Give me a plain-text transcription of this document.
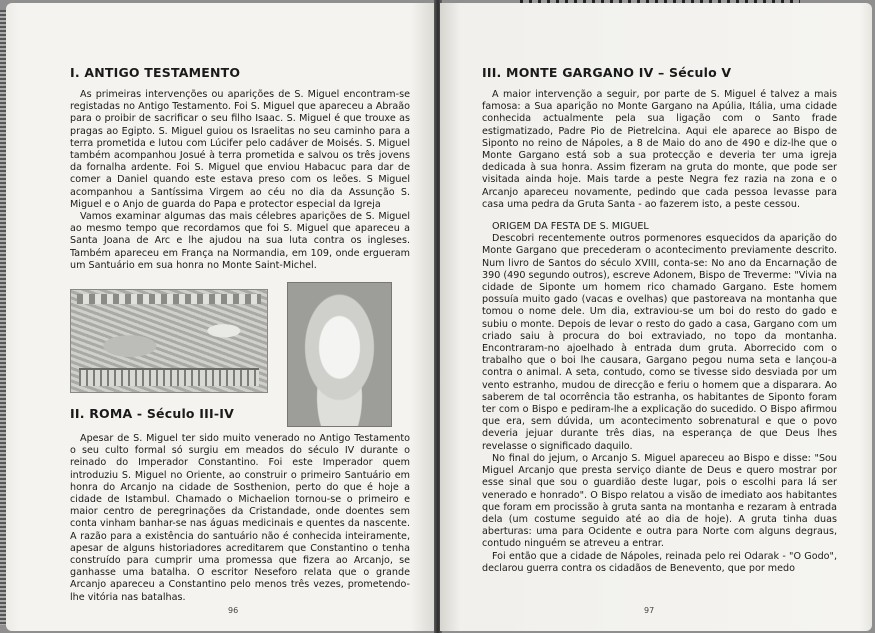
I. ANTIGO TESTAMENTO

As primeiras intervenções ou aparições de S. Miguel encontram-se registadas no Antigo Testamento. Foi S. Miguel que apareceu a Abraão para o proibir de sacrificar o seu filho Isaac. S. Miguel é que trouxe as pragas ao Egipto. S. Miguel guiou os Israelitas no seu caminho para a terra prometida e lutou com Lúcifer pelo cadáver de Moisés. S. Miguel também acompanhou Josué à terra prometida e salvou os três jovens da fornalha ardente. Foi S. Miguel que enviou Habacuc para dar de comer a Daniel quando este estava preso com os leões. S Miguel acompanhou a Santíssima Virgem ao céu no dia da Assunção S. Miguel e o Anjo de guarda do Papa e protector especial da Igreja

Vamos examinar algumas das mais célebres aparições de S. Miguel ao mesmo tempo que recordamos que foi S. Miguel que apareceu a Santa Joana de Arc e lhe ajudou na sua luta contra os ingleses. Também apareceu em França na Normandia, em 109, onde ergueram um Santuário em sua honra no Monte Saint-Michel.

II. ROMA - Século III-IV

Apesar de S. Miguel ter sido muito venerado no Antigo Testamento o seu culto formal só surgiu em meados do século IV durante o reinado do Imperador Constantino. Foi este Imperador quem introduziu S. Miguel no Oriente, ao construir o primeiro Santuário em honra do Arcanjo na cidade de Sosthenion, perto do que é hoje a cidade de Istambul. Chamado o Michaelion tornou-se o primeiro e maior centro de peregrinações da Cristandade, onde doentes sem conta vinham banhar-se nas águas medicinais e quentes da nascente. A razão para a existência do santuário não é conhecida inteiramente, apesar de alguns historiadores acreditarem que Constantino o tenha construído para cumprir uma promessa que fizera ao Arcanjo, se ganhasse uma batalha. O escritor Neseforo relata que o grande Arcanjo apareceu a Constantino pelo menos três vezes, prometendo-lhe vitória nas batalhas.

96
III. MONTE GARGANO IV – Século V

A maior intervenção a seguir, por parte de S. Miguel é talvez a mais famosa: a Sua aparição no Monte Gargano na Apúlia, Itália, uma cidade conhecida actualmente pela sua ligação com o Santo frade estigmatizado, Padre Pio de Pietrelcina. Aqui ele aparece ao Bispo de Siponto no reino de Nápoles, a 8 de Maio do ano de 490 e diz-lhe que o Monte Gargano está sob a sua protecção e deveria ter uma igreja dedicada à sua honra. Assim fizeram na gruta do monte, que pode ser visitada ainda hoje. Mais tarde a peste Negra fez razia na zona e o Arcanjo apareceu novamente, pedindo que cada pessoa levasse para casa uma pedra da Gruta Santa - ao fazerem isto, a peste cessou.

ORIGEM DA FESTA DE S. MIGUEL

Descobri recentemente outros pormenores esquecidos da aparição do Monte Gargano que precederam o acontecimento previamente descrito. Num livro de Santos do século XVIII, conta-se: No ano da Encarnação de 390 (490 segundo outros), escreve Adonem, Bispo de Treverme: "Vivia na cidade de Siponte um homem rico chamado Gargano. Este homem possuía muito gado (vacas e ovelhas) que pastoreava na montanha que tomou o nome dele. Um dia, extraviou-se um boi do resto do gado e subiu o monte. Depois de levar o resto do gado a casa, Gargano com um criado saiu à procura do boi extraviado, no topo da montanha. Encontraram-no ajoelhado à entrada dum gruta. Aborrecido com o trabalho que o boi lhe causara, Gargano pegou numa seta e lançou-a contra o animal. A seta, contudo, como se tivesse sido desviada por um vento estranho, mudou de direcção e feriu o homem que a disparara. Ao saberem de tal ocorrência tão estranha, os habitantes de Siponto foram ter com o Bispo e pediram-lhe a explicação do sucedido. O Bispo afirmou que era, sem dúvida, um acontecimento sobrenatural e que o povo deveria jejuar durante três dias, na esperança de que Deus lhes revelasse o significado daquilo.

No final do jejum, o Arcanjo S. Miguel apareceu ao Bispo e disse: "Sou Miguel Arcanjo que presta serviço diante de Deus e quero mostrar por esse sinal que sou o guardião deste lugar, pois o escolhi para lá ser venerado e honrado". O Bispo relatou a visão de imediato aos habitantes que foram em procissão à gruta santa na montanha e rezaram à entrada dela (um costume seguido até ao dia de hoje). A gruta tinha duas aberturas: uma para Ocidente e outra para Norte com alguns degraus, contudo ninguém se atreveu a entrar.

Foi então que a cidade de Nápoles, reinada pelo rei Odarak - "O Godo", declarou guerra contra os cidadãos de Benevento, que por medo

97
